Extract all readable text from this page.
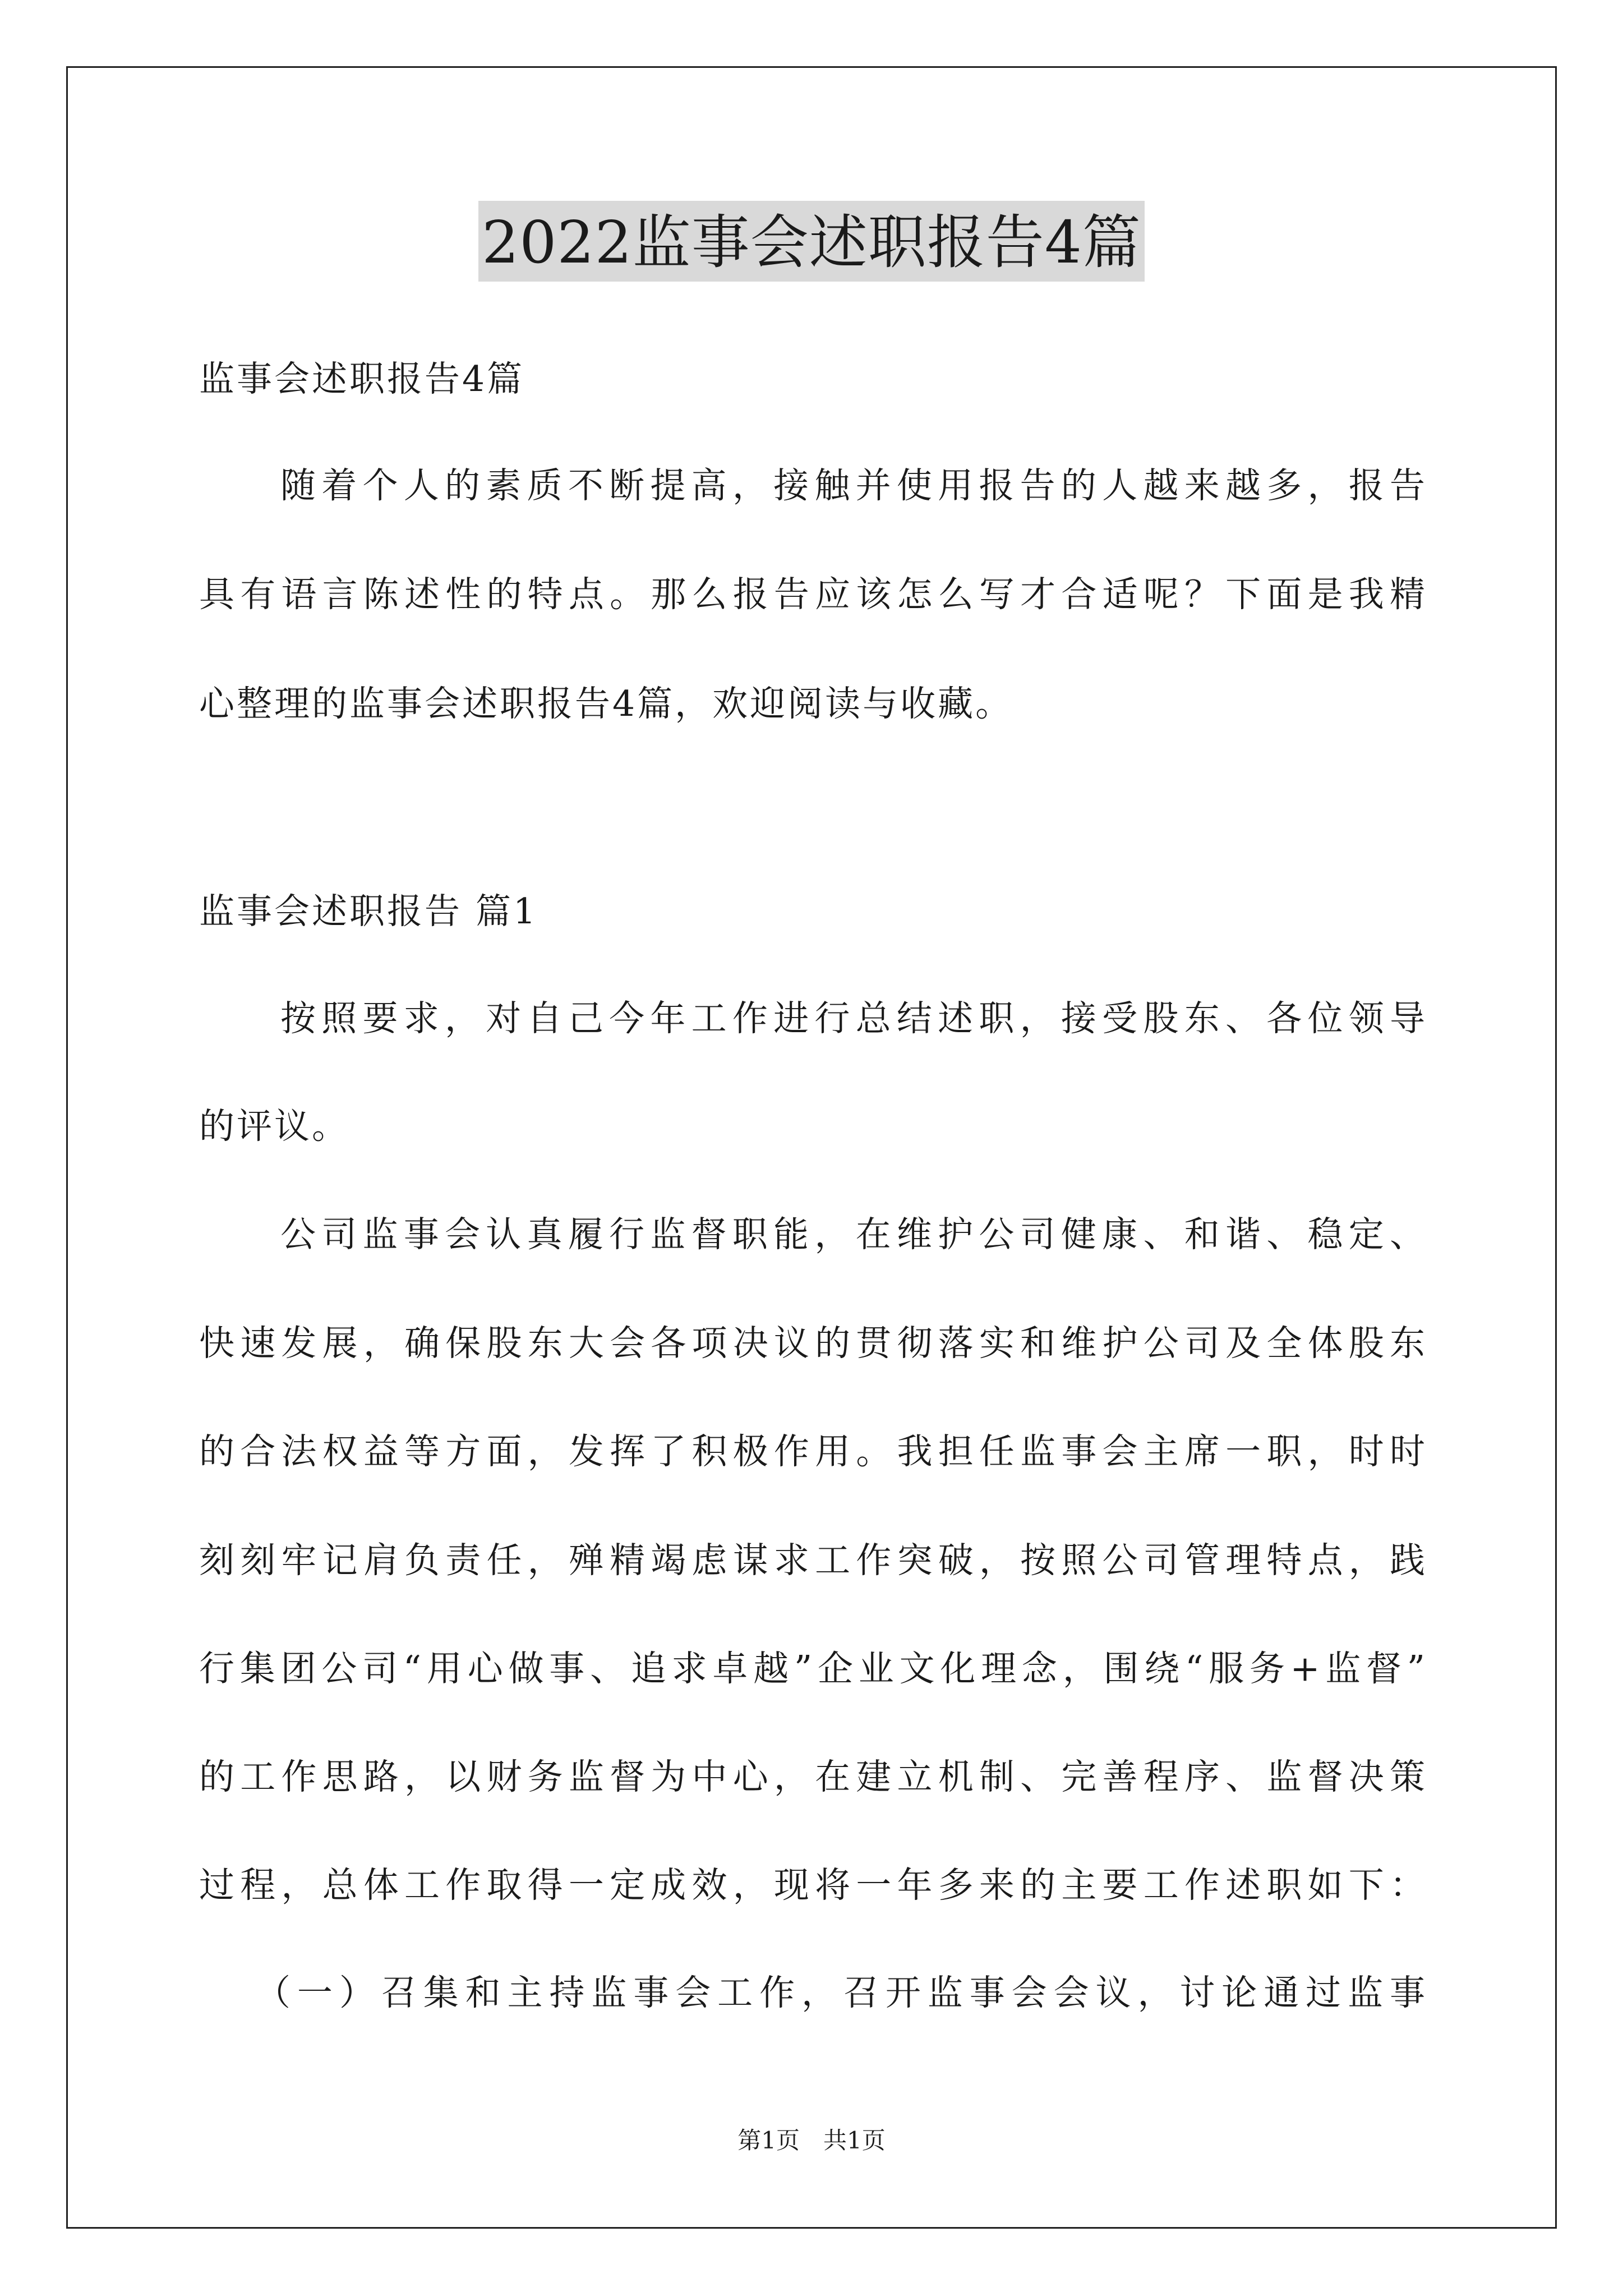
2022监事会述职报告4篇
监事会述职报告4篇
随着个人的素质不断提高，接触并使用报告的人越来越多，报告
具有语言陈述性的特点。那么报告应该怎么写才合适呢？下面是我精
心整理的监事会述职报告4篇，欢迎阅读与收藏。
监事会述职报告 篇1
按照要求，对自己今年工作进行总结述职，接受股东、各位领导
的评议。
公司监事会认真履行监督职能，在维护公司健康、和谐、稳定、
快速发展，确保股东大会各项决议的贯彻落实和维护公司及全体股东
的合法权益等方面，发挥了积极作用。我担任监事会主席一职，时时
刻刻牢记肩负责任，殚精竭虑谋求工作突破，按照公司管理特点，践
行集团公司“用心做事、追求卓越”企业文化理念，围绕“服务+监督”
的工作思路，以财务监督为中心，在建立机制、完善程序、监督决策
过程，总体工作取得一定成效，现将一年多来的主要工作述职如下：
（一）召集和主持监事会工作，召开监事会会议，讨论通过监事
第1页　共1页
